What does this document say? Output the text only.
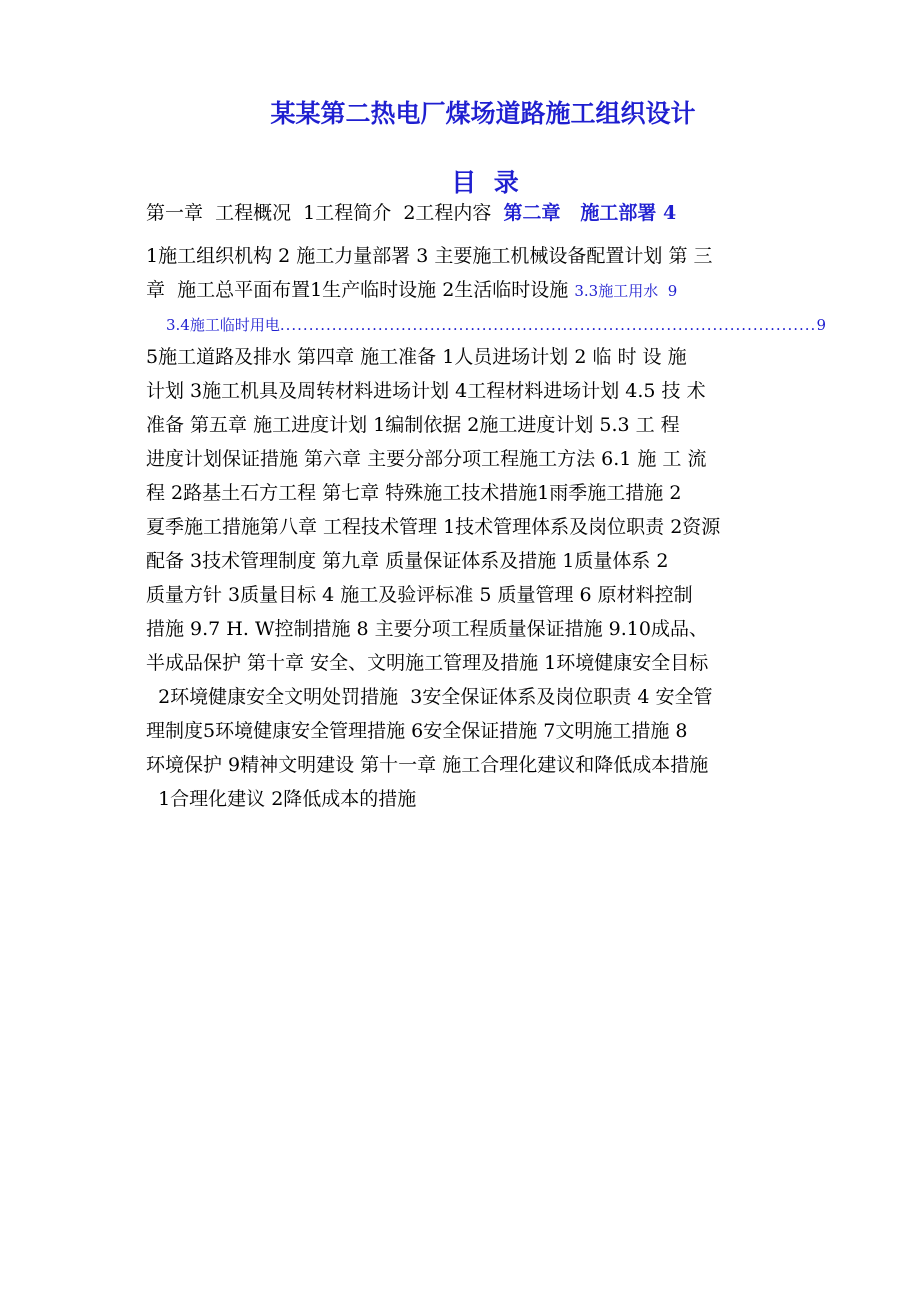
某某第二热电厂煤场道路施工组织设计
目  录
第一章  工程概况  1工程简介  2工程内容  第二章   施工部署 4
1施工组织机构 2 施工力量部署 3 主要施工机械设备配置计划 第 三
章  施工总平面布置1生产临时设施 2生活临时设施 3.3施工用水  9
3.4施工临时用电
.....	9
5施工道路及排水 第四章 施工准备 1人员进场计划 2 临 时 设 施
计划 3施工机具及周转材料进场计划 4工程材料进场计划 4.5 技 术
准备 第五章 施工进度计划 1编制依据 2施工进度计划 5.3 工 程
进度计划保证措施 第六章 主要分部分项工程施工方法 6.1 施 工 流
程 2路基土石方工程 第七章 特殊施工技术措施1雨季施工措施 2
夏季施工措施第八章 工程技术管理 1技术管理体系及岗位职责 2资源
配备 3技术管理制度 第九章 质量保证体系及措施 1质量体系 2
质量方针 3质量目标 4 施工及验评标准 5 质量管理 6 原材料控制
措施 9.7 H. W控制措施 8 主要分项工程质量保证措施 9.10成品、
半成品保护 第十章 安全、文明施工管理及措施 1环境健康安全目标
2环境健康安全文明处罚措施  3安全保证体系及岗位职责 4 安全管
理制度5环境健康安全管理措施 6安全保证措施 7文明施工措施 8
环境保护 9精神文明建设 第十一章 施工合理化建议和降低成本措施
1合理化建议 2降低成本的措施
